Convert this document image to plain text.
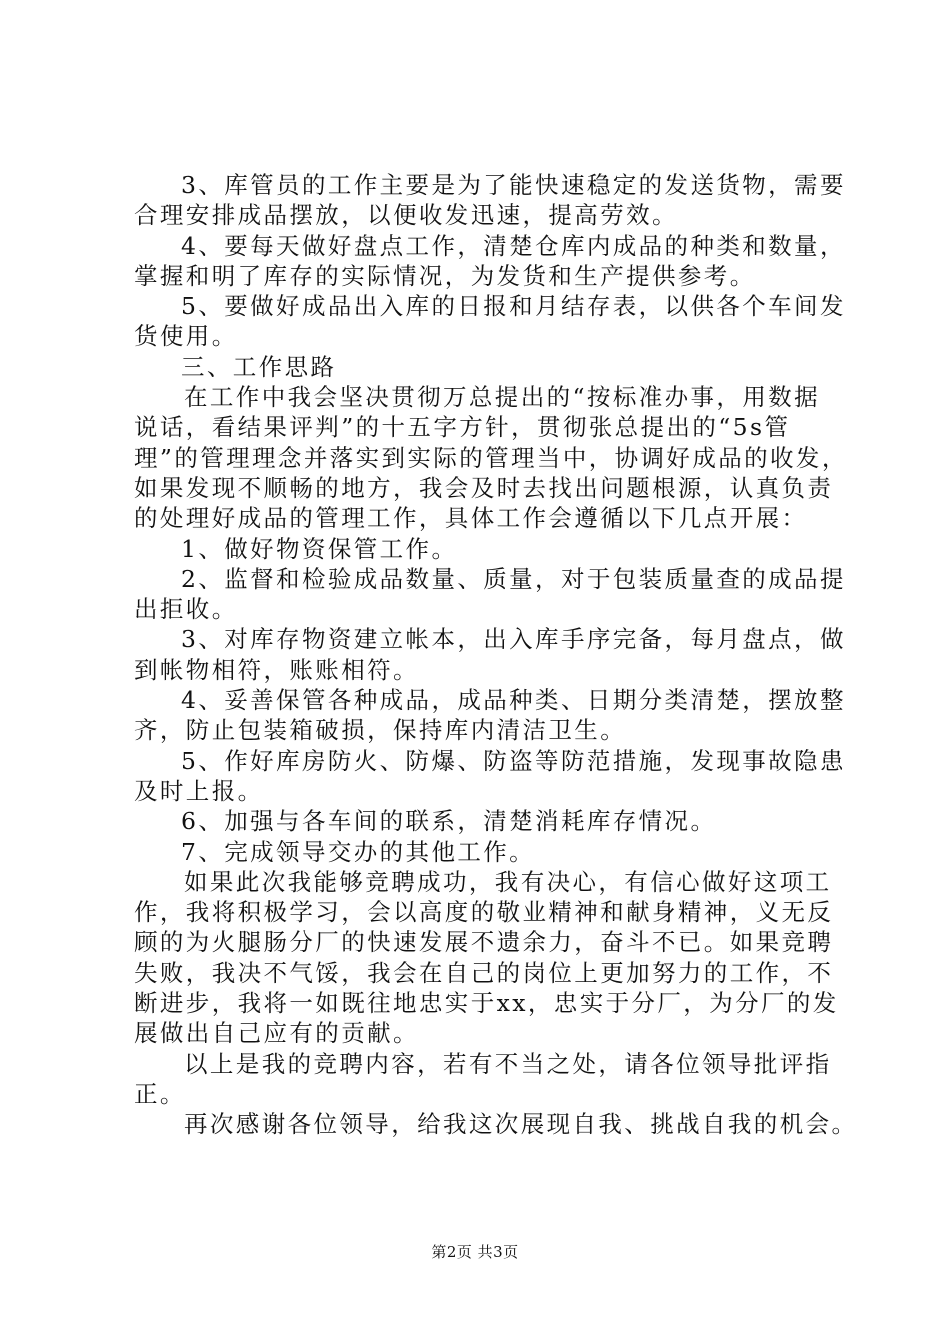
3、库管员的工作主要是为了能快速稳定的发送货物，需要
合理安排成品摆放，以便收发迅速，提高劳效。
4、要每天做好盘点工作，清楚仓库内成品的种类和数量，
掌握和明了库存的实际情况，为发货和生产提供参考。
5、要做好成品出入库的日报和月结存表，以供各个车间发
货使用。
三、工作思路
在工作中我会坚决贯彻万总提出的“按标准办事，用数据
说话，看结果评判”的十五字方针，贯彻张总提出的“5s管
理”的管理理念并落实到实际的管理当中，协调好成品的收发，
如果发现不顺畅的地方，我会及时去找出问题根源，认真负责
的处理好成品的管理工作，具体工作会遵循以下几点开展：
1、做好物资保管工作。
2、监督和检验成品数量、质量，对于包装质量查的成品提
出拒收。
3、对库存物资建立帐本，出入库手序完备，每月盘点，做
到帐物相符，账账相符。
4、妥善保管各种成品，成品种类、日期分类清楚，摆放整
齐，防止包装箱破损，保持库内清洁卫生。
5、作好库房防火、防爆、防盗等防范措施，发现事故隐患
及时上报。
6、加强与各车间的联系，清楚消耗库存情况。
7、完成领导交办的其他工作。
如果此次我能够竞聘成功，我有决心，有信心做好这项工
作，我将积极学习，会以高度的敬业精神和献身精神，义无反
顾的为火腿肠分厂的快速发展不遗余力，奋斗不已。如果竞聘
失败，我决不气馁，我会在自己的岗位上更加努力的工作，不
断进步，我将一如既往地忠实于xx，忠实于分厂，为分厂的发
展做出自己应有的贡献。
以上是我的竞聘内容，若有不当之处，请各位领导批评指
正。
再次感谢各位领导，给我这次展现自我、挑战自我的机会。
第2页 共3页
